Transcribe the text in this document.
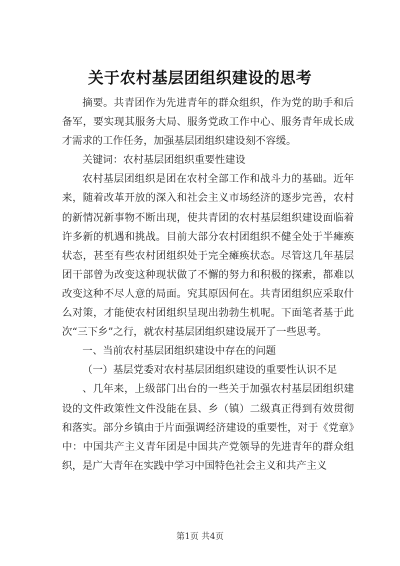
关于农村基层团组织建设的思考

摘要。共青团作为先进青年的群众组织，作为党的助手和后备军，要实现其服务大局、服务党政工作中心、服务青年成长成才需求的工作任务，加强基层团组织建设刻不容缓。

关键词：农村基层团组织重要性建设

农村基层团组织是团在农村全部工作和战斗力的基础。近年来，随着改革开放的深入和社会主义市场经济的逐步完善，农村的新情况新事物不断出现，使共青团的农村基层组织建设面临着许多新的机遇和挑战。目前大部分农村团组织不健全处于半瘫痪状态，甚至有些农村团组织处于完全瘫痪状态。尽管这几年基层团干部曾为改变这种现状做了不懈的努力和积极的探索，都难以改变这种不尽人意的局面。究其原因何在。共青团组织应采取什么对策，才能使农村团组织呈现出勃勃生机呢。下面笔者基于此次“三下乡”之行，就农村基层团组织建设展开了一些思考。

一、当前农村基层团组织建设中存在的问题

（一）基层党委对农村基层团组织建设的重要性认识不足

、几年来，上级部门出台的一些关于加强农村基层团组织建设的文件政策性文件没能在县、乡（镇）二级真正得到有效贯彻和落实。部分乡镇由于片面强调经济建设的重要性，对于《党章》中：中国共产主义青年团是中国共产党领导的先进青年的群众组织，是广大青年在实践中学习中国特色社会主义和共产主义

第1页 共4页
